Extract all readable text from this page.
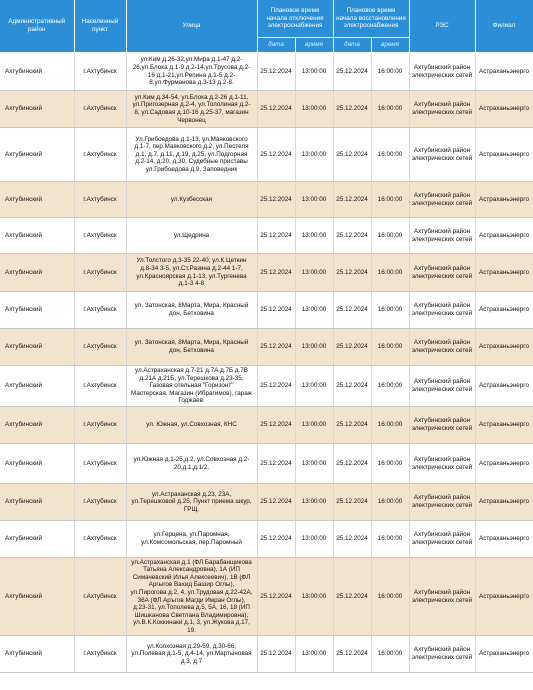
Административный район	Населенный пункт	Улица	Плановое время начала отключения электроснабжения		Плановое время начала восстановления электроснабжения		РЭС	Филиал
			дата	время	дата	время		
Ахтубинский	г.Ахтубинск	ул.Ким д.26-32,ул.Мира д.1-47 д.2-26,ул.Блока д.1-9 д.2-14,ул.Трусова д.2-16 д.1-21,ул.Репина д.1-5 д.2-8,ул.Фурманова д.3-13 д.2-8.	25.12.2024	13:00:00	25.12.2024	16:00:00	Ахтубинский район электрических сетей	Астраханьэнерго
Ахтубинский	г.Ахтубинск	ул.Ким д.34-54, ул.Блока д.2-26 д.1-11, ул.Пригозерная д.2-4, ул.Тополиная д.2-8, ул.Садовая д.10-16 д.25-37, магазин Червонец	25.12.2024	13:00:00	25.12.2024	16:00:00	Ахтубинский район электрических сетей	Астраханьэнерго
Ахтубинский	г.Ахтубинск	Ул.Грибоедова д.1-13, ул.Маяковского д.1-7, пер.Маяковского д.2, ул.Пестеля д.1, д.7, д.11, д.19, д.25, ул.Подгорная д.2-14, д.20, д.30, Судебные приставы ул.Грибоедова д.9, Заповедник	25.12.2024	13:00:00	25.12.2024	16:00:00	Ахтубинский район электрических сетей	Астраханьэнерго
Ахтубинский	г.Ахтубинск	ул.Кузбесская	25.12.2024	13:00:00	25.12.2024	16:00:00	Ахтубинский район электрических сетей	Астраханьэнерго
Ахтубинский	г.Ахтубинск	ул.Щедрина	25.12.2024	13:00:00	25.12.2024	16:00:00	Ахтубинский район электрических сетей	Астраханьэнерго
Ахтубинский	г.Ахтубинск	Ул.Толстого д.3-35 22-40, ул.К.Цеткин д.8-34 3-5, ул.Ст.Разина д.2-44 1-7, ул.Красноярская д.1-13, ул.Тургенева д.1-3 4-8	25.12.2024	13:00:00	25.12.2024	16:00:00	Ахтубинский район электрических сетей	Астраханьэнерго
Ахтубинский	г.Ахтубинск	ул. Затонская, 8Марта, Мира, Красный дон, Бетховина	25.12.2024	13:00:00	25.12.2024	16:00:00	Ахтубинский район электрических сетей	Астраханьэнерго
Ахтубинский	г.Ахтубинск	ул. Затонская, 8Марта, Мира, Красный дон, Бетховина	25.12.2024	13:00:00	25.12.2024	16:00:00	Ахтубинский район электрических сетей	Астраханьэнерго
Ахтубинский	г.Ахтубинск	ул.Астраханская д.7-21 д.7А д.7Б д.7В д.21А д.21Б, ул.Терешкова д.23-35, Газовая отельная "Горизонт" Мастерская, Магазин (Ибрагимов), гараж Годжаев.	25.12.2024	13:00:00	25.12.2024	16:00:00	Ахтубинский район электрических сетей	Астраханьэнерго
Ахтубинский	г.Ахтубинск	ул. Южная, ул.Совхозная, КНС	25.12.2024	13:00:00	25.12.2024	16:00:00	Ахтубинский район электрических сетей	Астраханьэнерго
Ахтубинский	г.Ахтубинск	ул.Южная д.1-25,д.2, ул.Совхозная д.2-20,д.1,д.1/2.	25.12.2024	13:00:00	25.12.2024	16:00:00	Ахтубинский район электрических сетей	Астраханьэнерго
Ахтубинский	г.Ахтубинск	ул.Астраханская д.23, 23А, ул.Терешковой д.25, Пункт приема шкур, ГРЩ.	25.12.2024	13:00:00	25.12.2024	16:00:00	Ахтубинский район электрических сетей	Астраханьэнерго
Ахтубинский	г.Ахтубинск	ул.Герцена, ул.Паромная, ул.Комсомольская, пер.Паромный	25.12.2024	13:00:00	25.12.2024	16:00:00	Ахтубинский район электрических сетей	Астраханьэнерго
Ахтубинский	г.Ахтубинск	ул.Астраханская д.1 (ФЛ Барабанщикова Татьяна Александровна), 1А (ИП Симачевский Илья Алексеевич), 1В (ФЛ Аргыгов Вахид Башир Оглы), ул.Пирогова д.2, 4, ул.Трудовая д.22-42А, 36А (ФЛ Аръгов Магди Имран Оглы), д.23-31, ул.Тополева д.5, 5А, 16, 18 (ИП Шишканова Светлана Владимировна), ул.В.К.Коккинаки д.1, 3, ул.Жукова д.17, 19.	25.12.2024	13:00:00	25.12.2024	16:00:00	Ахтубинский район электрических сетей	Астраханьэнерго
Ахтубинский	г.Ахтубинск	ул.Колхозная д.29-59, д.30-66, ул.Полевая д.1-5, д.4-14, ул.Мартыновая д.3, д.7	25.12.2024	13:00:00	25.12.2024	16:00:00	Ахтубинский район электрических сетей	Астраханьэнерго
